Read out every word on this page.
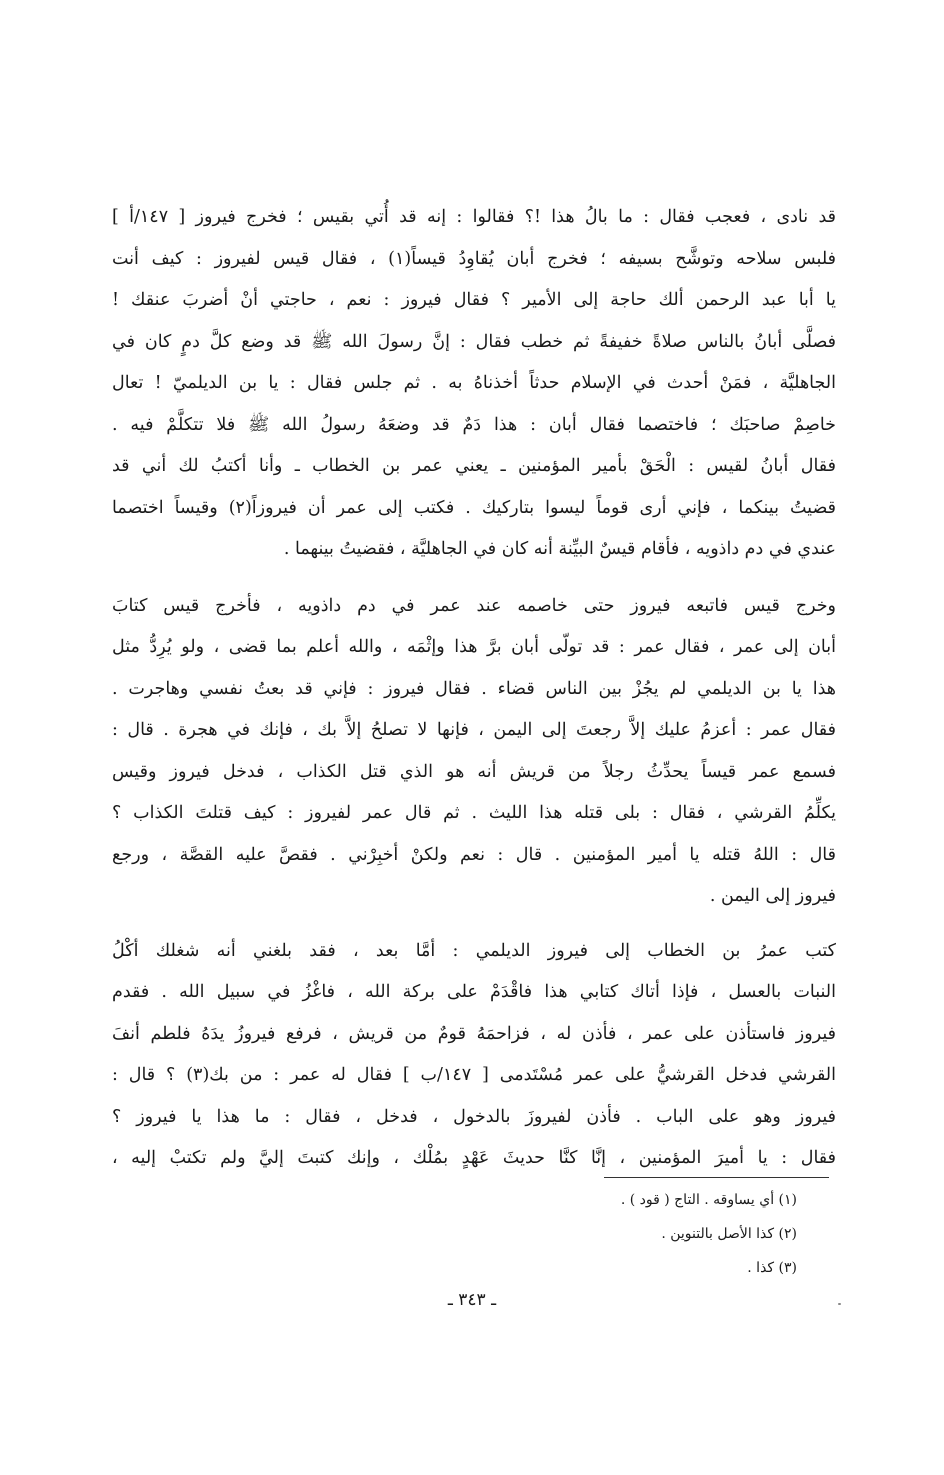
قد نادى ، فعجب فقال : ما بالُ هذا !؟ فقالوا : إنه قد أُتي بقيس ؛ فخرج فيروز [ ١٤٧/أ ]
فلبس سلاحه وتوشَّح بسيفه ؛ فخرج أبان يُقاوِدُ قيساً(١) ، فقال قيس لفيروز : كيف أنت
يا أبا عبد الرحمن ألك حاجة إلى الأمير ؟ فقال فيروز : نعم ، حاجتي أنْ أضربَ عنقك !
فصلَّى أبانُ بالناس صلاةً خفيفةً ثم خطب فقال : إنَّ رسولَ الله ﷺ قد وضع كلَّ دمٍ كان في
الجاهليَّة ، فمَنْ أحدث في الإسلام حدثاً أخذناهُ به . ثم جلس فقال : يا بن الديلميّ ! تعال
خاصِمْ صاحبَك ؛ فاختصما فقال أبان : هذا دَمٌ قد وضعَهُ رسولُ الله ﷺ فلا تتكلَّمْ فيه .
فقال أبانُ لقيس : الْحَقْ بأمير المؤمنين ـ يعني عمر بن الخطاب ـ وأنا أكتبُ لك أني قد
قضيتُ بينكما ، فإني أرى قوماً ليسوا بتاركيك . فكتب إلى عمر أن فيروزاً(٢) وقيساً اختصما
عندي في دم داذويه ، فأقام قيسٌ البيِّنة أنه كان في الجاهليَّة ، فقضيتُ بينهما .

وخرج قيس فاتبعه فيروز حتى خاصمه عند عمر في دم داذويه ، فأخرج قيس كتابَ
أبان إلى عمر ، فقال عمر : قد تولّى أبان برَّ هذا وإثْمَه ، والله أعلم بما قضى ، ولو يُرِدُّ مثل
هذا يا بن الديلمي لم يجُزْ بين الناس قضاء . فقال فيروز : فإني قد بعتُ نفسي وهاجرت .
فقال عمر : أعزمُ عليك إلاَّ رجعتَ إلى اليمن ، فإنها لا تصلحُ إلاَّ بك ، فإنك في هجرة . قال :
فسمع عمر قيساً يحدِّثُ رجلاً من قريش أنه هو الذي قتل الكذاب ، فدخل فيروز وقيس
يكلِّمُ القرشي ، فقال : بلى قتله هذا الليث . ثم قال عمر لفيروز : كيف قتلتَ الكذاب ؟
قال : اللهُ قتله يا أمير المؤمنين . قال : نعم ولكنْ أخبِرْني . فقصَّ عليه القصَّة ، ورجع
فيروز إلى اليمن .

كتب عمرُ بن الخطاب إلى فيروز الديلمي : أمَّا بعد ، فقد بلغني أنه شغلك أكْلُ
النبات بالعسل ، فإذا أتاك كتابي هذا فاقْدَمْ على بركة الله ، فاغْزُ في سبيل الله . فقدم
فيروز فاستأذن على عمر ، فأذن له ، فزاحمَهُ قومٌ من قريش ، فرفع فيروزُ يدَهُ فلطم أنفَ
القرشي فدخل القرشيُّ على عمر مُسْتَدمى [ ١٤٧/ب ] فقال له عمر : من بك(٣) ؟ قال :
فيروز وهو على الباب . فأذن لفيروزَ بالدخول ، فدخل ، فقال : ما هذا يا فيروز ؟
فقال : يا أميرَ المؤمنين ، إنَّا كنَّا حديثَ عَهْدٍ بمُلْك ، وإنك كتبتَ إليَّ ولم تكتبْ إليه ،

(١) أي يساوقه . التاج ( قود ) .
(٢) كذا الأصل بالتنوين .
(٣) كذا .
ـ ٣٤٣ ـ
